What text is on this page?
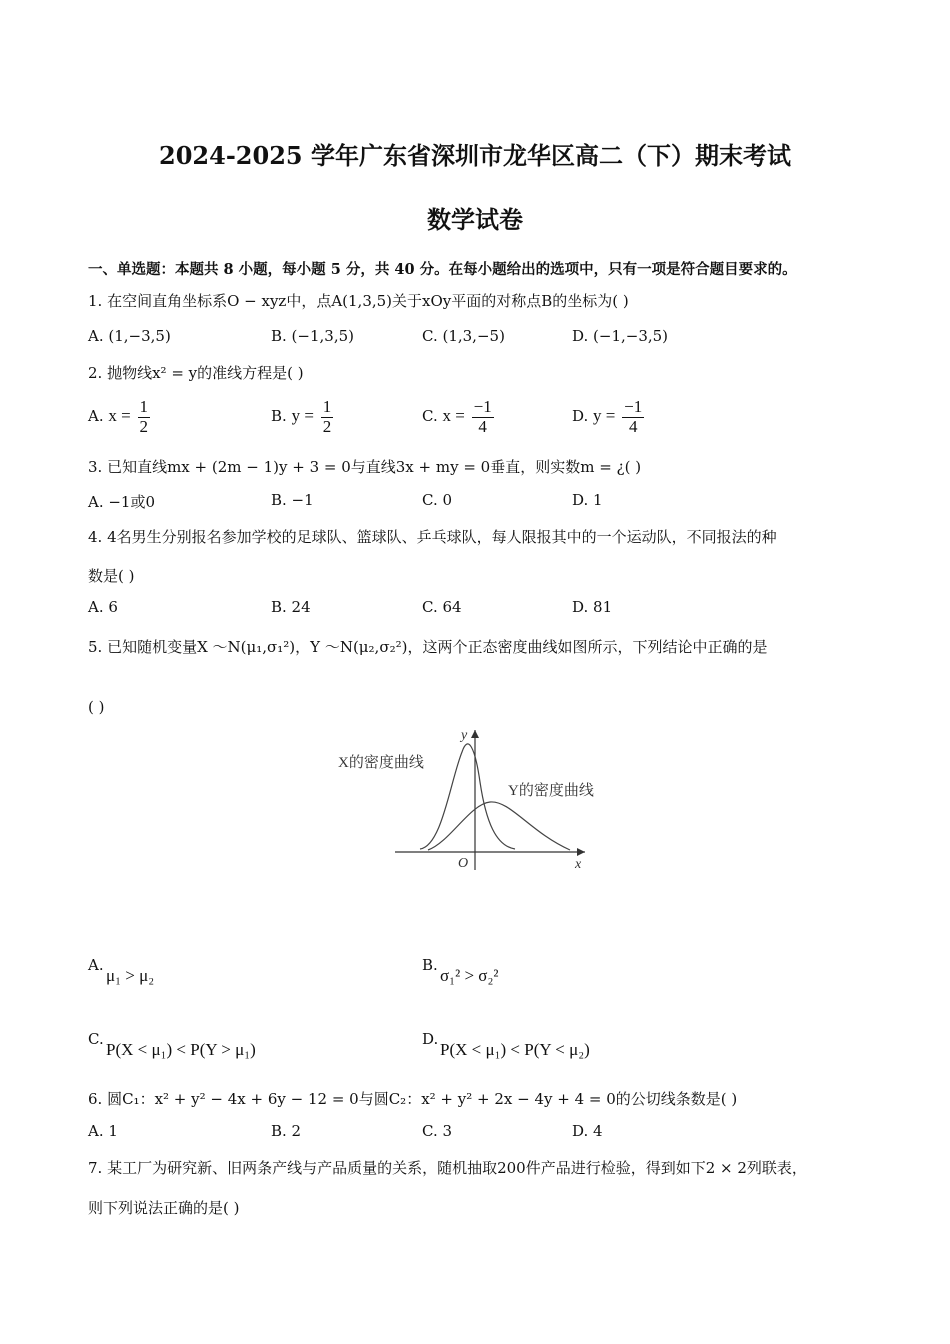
2024-2025 学年广东省深圳市龙华区高二（下）期末考试
数学试卷
一、单选题：本题共 8 小题，每小题 5 分，共 40 分。在每小题给出的选项中，只有一项是符合题目要求的。
1. 在空间直角坐标系O − xyz中，点A(1,3,5)关于xOy平面的对称点B的坐标为( )
A. (1,−3,5)	B. (−1,3,5)	C. (1,3,−5)	D. (−1,−3,5)
2. 抛物线x² = y的准线方程是( )
A. $x = \frac{1}{2}$	B. $y = \frac{1}{2}$	C. $x = \frac{-1}{4}$	D. $y = \frac{-1}{4}$
3. 已知直线mx + (2m − 1)y + 3 = 0与直线3x + my = 0垂直，则实数m = ¿( )
A. −1或0	B. −1	C. 0	D. 1
4. 4名男生分别报名参加学校的足球队、篮球队、乒乓球队，每人限报其中的一个运动队，不同报法的种
数是( )
A. 6	B. 24	C. 64	D. 81
5. 已知随机变量X ～N(μ₁,σ₁²)，Y ～N(μ₂,σ₂²)，这两个正态密度曲线如图所示，下列结论中正确的是
( )
X的密度曲线
Y的密度曲线
y
x
O
A.
μ₁ > μ₂
B.
σ₁² > σ₂²
C.
P(X < μ₁) < P(Y > μ₁)
D.
P(X < μ₁) < P(Y < μ₂)
6. 圆C₁：x² + y² − 4x + 6y − 12 = 0与圆C₂：x² + y² + 2x − 4y + 4 = 0的公切线条数是( )
A. 1	B. 2	C. 3	D. 4
7. 某工厂为研究新、旧两条产线与产品质量的关系，随机抽取200件产品进行检验，得到如下2 × 2列联表，
则下列说法正确的是( )
